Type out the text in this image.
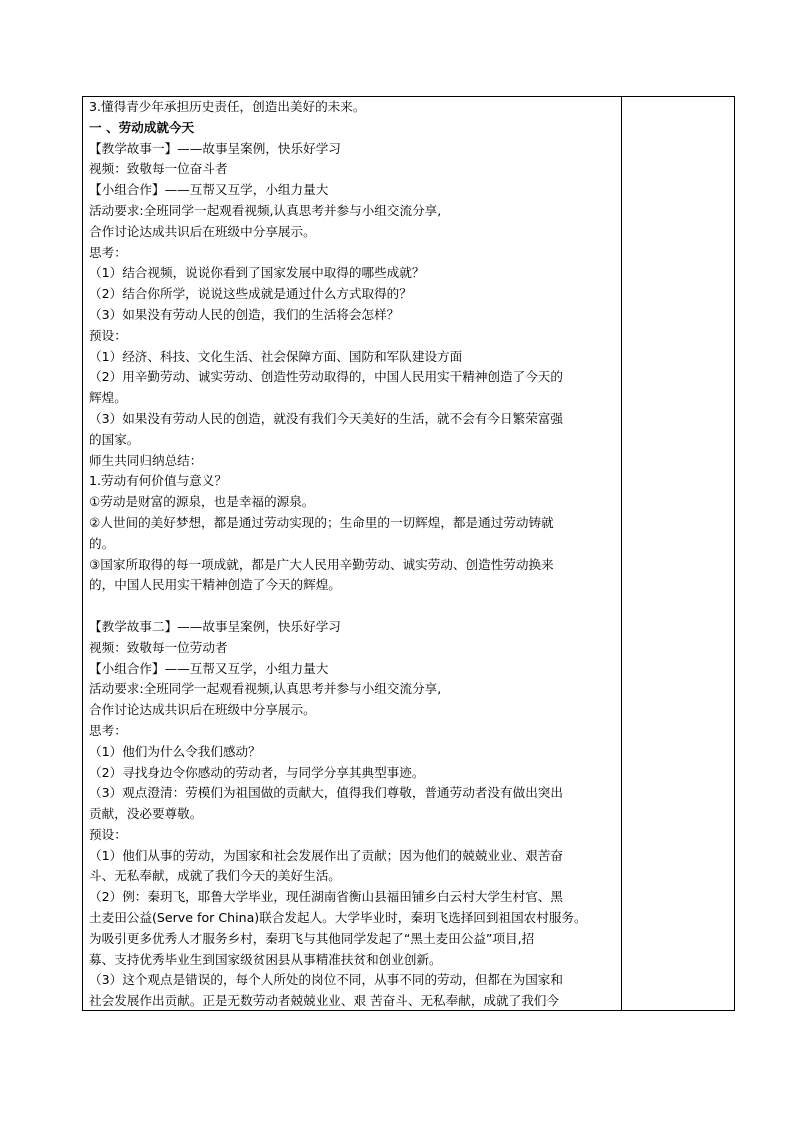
3.懂得青少年承担历史责任，创造出美好的未来。
一 、劳动成就今天
【教学故事一】——故事呈案例，快乐好学习
视频：致敬每一位奋斗者
【小组合作】——互帮又互学，小组力量大
活动要求:全班同学一起观看视频,认真思考并参与小组交流分享,
合作讨论达成共识后在班级中分享展示。
思考：
（1）结合视频，说说你看到了国家发展中取得的哪些成就？
（2）结合你所学，说说这些成就是通过什么方式取得的？
（3）如果没有劳动人民的创造，我们的生活将会怎样？
预设：
（1）经济、科技、文化生活、社会保障方面、国防和军队建设方面
（2）用辛勤劳动、诚实劳动、创造性劳动取得的，中国人民用实干精神创造了今天的
辉煌。
（3）如果没有劳动人民的创造，就没有我们今天美好的生活，就不会有今日繁荣富强
的国家。
师生共同归纳总结：
1.劳动有何价值与意义？
①劳动是财富的源泉，也是幸福的源泉。
②人世间的美好梦想，都是通过劳动实现的；生命里的一切辉煌，都是通过劳动铸就
的。
③国家所取得的每一项成就，都是广大人民用辛勤劳动、诚实劳动、创造性劳动换来
的，中国人民用实干精神创造了今天的辉煌。
【教学故事二】——故事呈案例，快乐好学习
视频：致敬每一位劳动者
【小组合作】——互帮又互学，小组力量大
活动要求:全班同学一起观看视频,认真思考并参与小组交流分享,
合作讨论达成共识后在班级中分享展示。
思考：
（1）他们为什么令我们感动？
（2）寻找身边令你感动的劳动者，与同学分享其典型事迹。
（3）观点澄清：劳模们为祖国做的贡献大，值得我们尊敬，普通劳动者没有做出突出
贡献，没必要尊敬。
预设：
（1）他们从事的劳动，为国家和社会发展作出了贡献；因为他们的兢兢业业、艰苦奋
斗、无私奉献，成就了我们今天的美好生活。
（2）例：秦玥飞，耶鲁大学毕业，现任湖南省衡山县福田铺乡白云村大学生村官、黑
土麦田公益(Serve for China)联合发起人。大学毕业时，秦玥飞选择回到祖国农村服务。
为吸引更多优秀人才服务乡村，秦玥飞与其他同学发起了“黑土麦田公益”项目,招
募、支持优秀毕业生到国家级贫困县从事精准扶贫和创业创新。
（3）这个观点是错误的，每个人所处的岗位不同，从事不同的劳动，但都在为国家和
社会发展作出贡献。正是无数劳动者兢兢业业、艰 苦奋斗、无私奉献，成就了我们今
